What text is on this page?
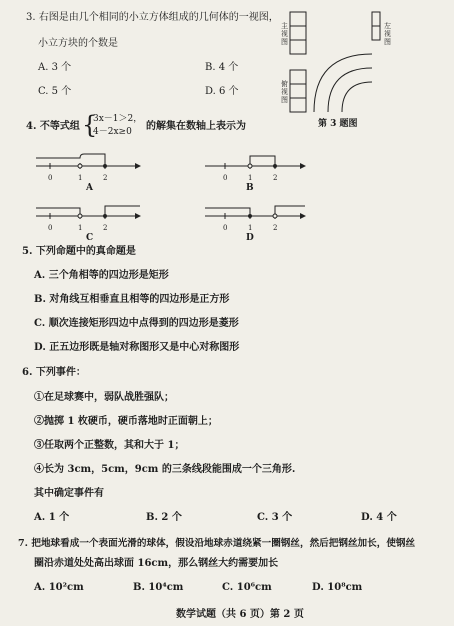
3. 右图是由几个相同的小立方体组成的几何体的一视图，
小立方块的个数是
A. 3 个	B. 4 个
C. 5 个	D. 6 个
主视图
俯视图
左视图
第 3 题图
4. 不等式组 {
3x－1＞2，
4－2x≥0 的解集在数轴上表示为
0	1	2
A
0	1	2
B
0	1	2
C
0	1	2
D
5. 下列命题中的真命题是
A. 三个角相等的四边形是矩形
B. 对角线互相垂直且相等的四边形是正方形
C. 顺次连接矩形四边中点得到的四边形是菱形
D. 正五边形既是轴对称图形又是中心对称图形
6. 下列事件：
①在足球赛中，弱队战胜强队；
②抛掷 1 枚硬币，硬币落地时正面朝上；
③任取两个正整数，其和大于 1；
④长为 3cm，5cm，9cm 的三条线段能围成一个三角形.
其中确定事件有
A. 1 个	B. 2 个	C. 3 个	D. 4 个
7. 把地球看成一个表面光滑的球体，假设沿地球赤道绕紧一圈钢丝，然后把钢丝加长，使钢丝
圈沿赤道处处高出球面 16cm，那么钢丝大约需要加长
A. 10²cm	B. 10⁴cm	C. 10⁶cm	D. 10⁸cm
数学试题（共 6 页）第 2 页
